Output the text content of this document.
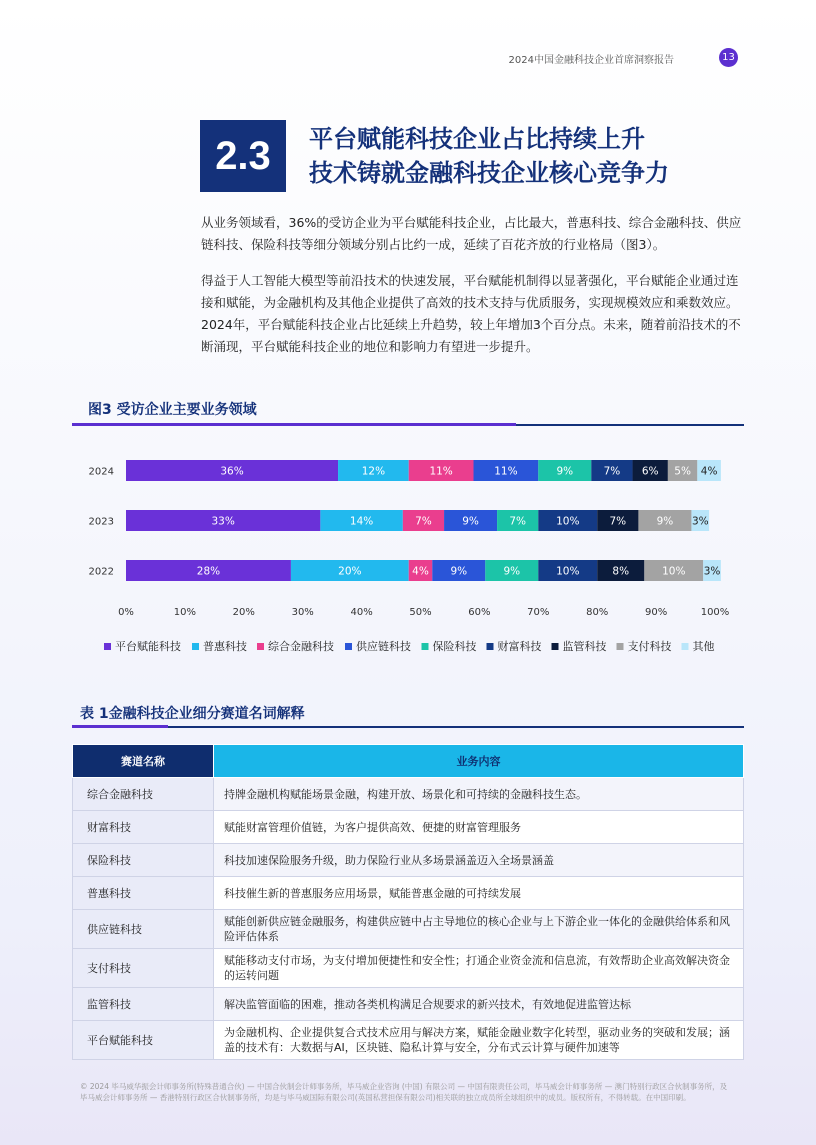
2024中国金融科技企业首席洞察报告	13
2.3	平台赋能科技企业占比持续上升
技术铸就金融科技企业核心竞争力
从业务领域看，36%的受访企业为平台赋能科技企业，占比最大，普惠科技、综合金融科技、供应链科技、保险科技等细分领域分别占比约一成，延续了百花齐放的行业格局（图3）。
得益于人工智能大模型等前沿技术的快速发展，平台赋能机制得以显著强化，平台赋能企业通过连接和赋能，为金融机构及其他企业提供了高效的技术支持与优质服务，实现规模效应和乘数效应。2024年，平台赋能科技企业占比延续上升趋势，较上年增加3个百分点。未来，随着前沿技术的不断涌现，平台赋能科技企业的地位和影响力有望进一步提升。
图3 受访企业主要业务领域
2024	36%	12%	11%	11%	9%	7% 6% 5% 4%
2023	33%	14%	7%	9%	7%	10%	7%	9% 3%
2022	28%	20%	4% 9%	9%	10%	8%	10% 3%
0%	10%	20%	30%	40%	50%	60%	70%	80%	90%	100%
平台赋能科技 普惠科技 综合金融科技 供应链科技 保险科技 财富科技 监管科技 支付科技 其他
表 1金融科技企业细分赛道名词解释
赛道名称	业务内容
综合金融科技	持牌金融机构赋能场景金融，构建开放、场景化和可持续的金融科技生态。
财富科技	赋能财富管理价值链，为客户提供高效、便捷的财富管理服务
保险科技	科技加速保险服务升级，助力保险行业从多场景涵盖迈入全场景涵盖
普惠科技	科技催生新的普惠服务应用场景，赋能普惠金融的可持续发展
供应链科技	赋能创新供应链金融服务，构建供应链中占主导地位的核心企业与上下游企业一体化的金融供给体系和风险评估体系
支付科技	赋能移动支付市场，为支付增加便捷性和安全性；打通企业资金流和信息流，有效帮助企业高效解决资金的运转问题
监管科技	解决监管面临的困难，推动各类机构满足合规要求的新兴技术，有效地促进监管达标
平台赋能科技	为金融机构、企业提供复合式技术应用与解决方案，赋能金融业数字化转型，驱动业务的突破和发展；涵盖的技术有：大数据与AI，区块链、隐私计算与安全，分布式云计算与硬件加速等
© 2024 毕马威华振会计师事务所(特殊普通合伙) — 中国合伙制会计师事务所，毕马威企业咨询 (中国) 有限公司 — 中国有限责任公司，毕马威会计师事务所 — 澳门特别行政区合伙制事务所，及毕马威会计师事务所 — 香港特别行政区合伙制事务所，均是与毕马威国际有限公司(英国私营担保有限公司)相关联的独立成员所全球组织中的成员。版权所有，不得转载。在中国印刷。
